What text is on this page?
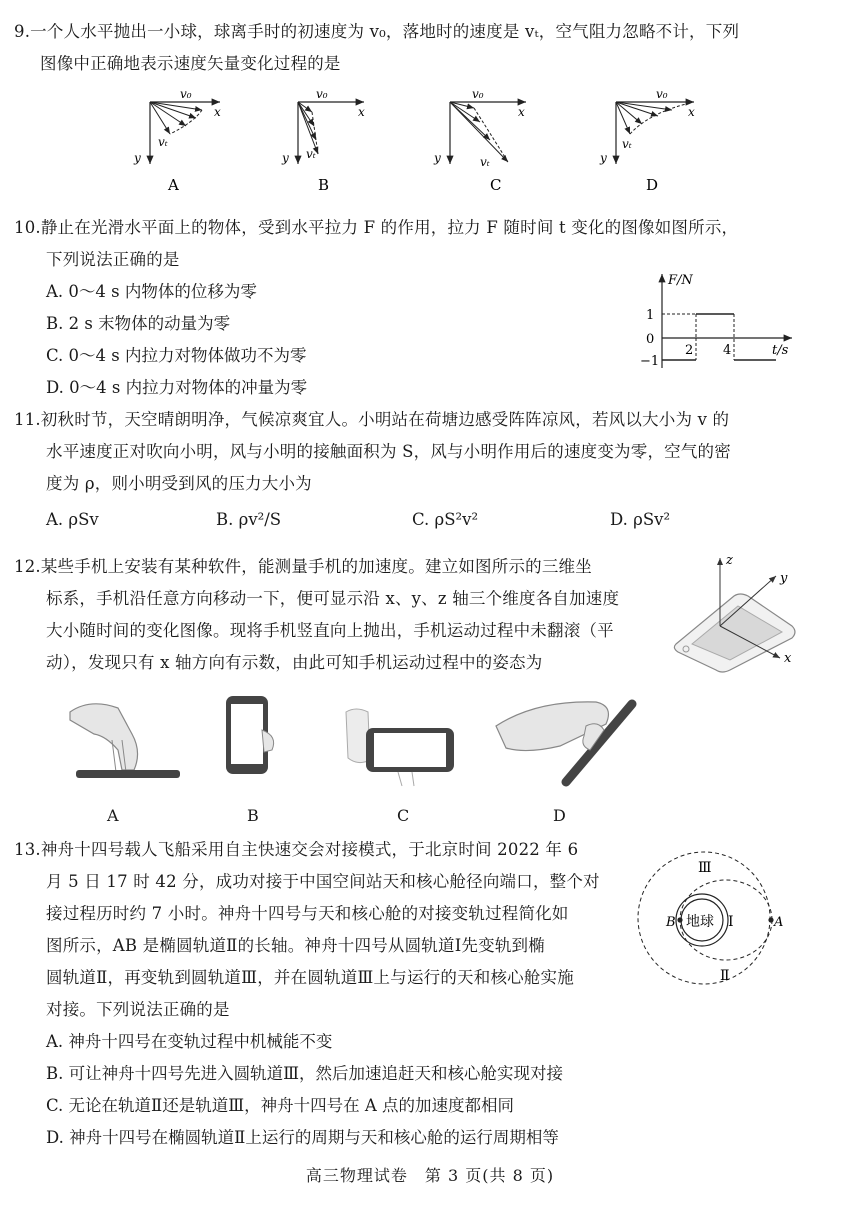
9.一个人水平抛出一小球，球离手时的初速度为 v₀，落地时的速度是 vₜ，空气阻力忽略不计，下列
图像中正确地表示速度矢量变化过程的是
v₀
x
y
vₜ
A
v₀
x
y vₜ
B
v₀
x
y	vₜ
C
v₀
x
y
vₜ
D
10.静止在光滑水平面上的物体，受到水平拉力 F 的作用，拉力 F 随时间 t 变化的图像如图所示，
下列说法正确的是
A. 0～4 s 内物体的位移为零
B. 2 s 末物体的动量为零
C. 0～4 s 内拉力对物体做功不为零
D. 0～4 s 内拉力对物体的冲量为零
F/N
t/s
1
0
−1
2 4
11.初秋时节，天空晴朗明净，气候凉爽宜人。小明站在荷塘边感受阵阵凉风，若风以大小为 v 的
水平速度正对吹向小明，风与小明的接触面积为 S，风与小明作用后的速度变为零，空气的密
度为 ρ，则小明受到风的压力大小为
A. ρSv	B. ρv²/S	C. ρS²v²	D. ρSv²
12.某些手机上安装有某种软件，能测量手机的加速度。建立如图所示的三维坐
标系，手机沿任意方向移动一下，便可显示沿 x、y、z 轴三个维度各自加速度
大小随时间的变化图像。现将手机竖直向上抛出，手机运动过程中未翻滚（平
动），发现只有 x 轴方向有示数，由此可知手机运动过程中的姿态为
z
y
x
A	B	C	D
13.神舟十四号载人飞船采用自主快速交会对接模式，于北京时间 2022 年 6
月 5 日 17 时 42 分，成功对接于中国空间站天和核心舱径向端口，整个对
接过程历时约 7 小时。神舟十四号与天和核心舱的对接变轨过程简化如
图所示，AB 是椭圆轨道Ⅱ的长轴。神舟十四号从圆轨道Ⅰ先变轨到椭
圆轨道Ⅱ，再变轨到圆轨道Ⅲ，并在圆轨道Ⅲ上与运行的天和核心舱实施
对接。下列说法正确的是
A. 神舟十四号在变轨过程中机械能不变
B. 可让神舟十四号先进入圆轨道Ⅲ，然后加速追赶天和核心舱实现对接
C. 无论在轨道Ⅱ还是轨道Ⅲ，神舟十四号在 A 点的加速度都相同
D. 神舟十四号在椭圆轨道Ⅱ上运行的周期与天和核心舱的运行周期相等
地球 Ⅰ
Ⅱ
Ⅲ
A
B
高三物理试卷　第 3 页(共 8 页)
